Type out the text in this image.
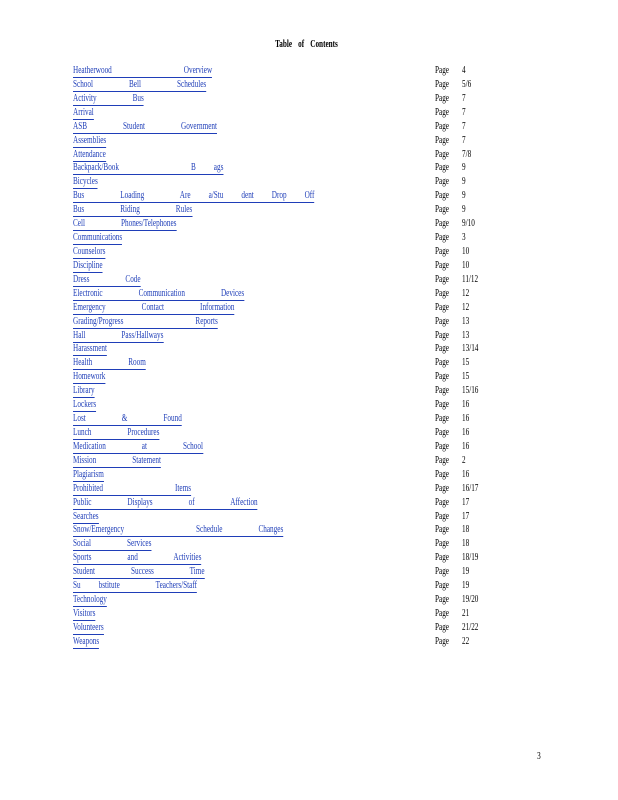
Table of Contents
Heatherwood        Overview	Page 4
School    Bell    Schedules	Page 5/6
Activity    Bus	Page 7
Arrival	Page 7
ASB    Student    Government	Page 7
Assemblies	Page 7
Attendance	Page 7/8
Backpack/Book        B  ags	Page 9
Bicycles	Page 9
Bus    Loading    Are  a/Stu  dent  Drop  Off	Page 9
Bus    Riding    Rules	Page 9
Cell    Phones/Telephones	Page 9/10
Communications	Page 3
Counselors	Page 10
Discipline	Page 10
Dress    Code	Page 11/12
Electronic    Communication    Devices	Page 12
Emergency    Contact    Information	Page 12
Grading/Progress        Reports	Page 13
Hall    Pass/Hallways	Page 13
Harassment	Page 13/14
Health    Room	Page 15
Homework	Page 15
Library	Page 15/16
Lockers	Page 16
Lost    &    Found	Page 16
Lunch    Procedures	Page 16
Medication    at    School	Page 16
Mission    Statement	Page 2
Plagiarism	Page 16
Prohibited        Items	Page 16/17
Public    Displays    of    Affection	Page 17
Searches	Page 17
Snow/Emergency        Schedule    Changes	Page 18
Social    Services	Page 18
Sports    and    Activities	Page 18/19
Student    Success    Time	Page 19
Su  bstitute    Teachers/Staff	Page 19
Technology	Page 19/20
Visitors	Page 21
Volunteers	Page 21/22
Weapons	Page 22
3
